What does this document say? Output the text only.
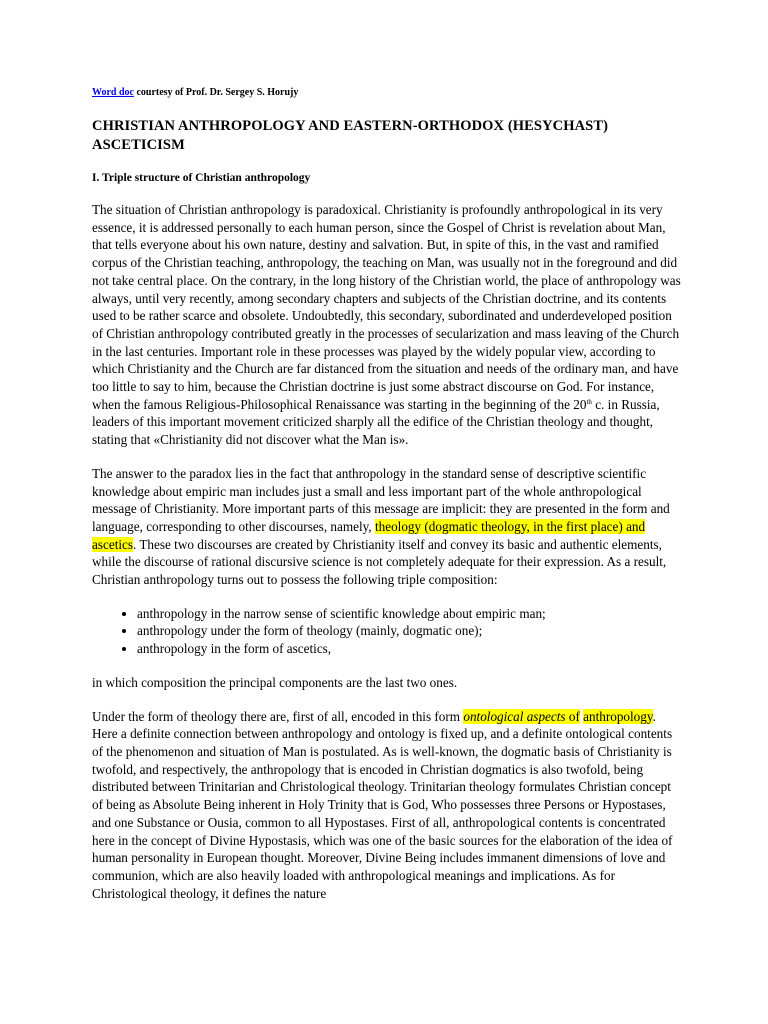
Word doc courtesy of Prof. Dr. Sergey S. Horujy

CHRISTIAN ANTHROPOLOGY AND EASTERN-ORTHODOX (HESYCHAST) ASCETICISM
I. Triple structure of Christian anthropology

The situation of Christian anthropology is paradoxical. Christianity is profoundly anthropological in its very essence, it is addressed personally to each human person, since the Gospel of Christ is revelation about Man, that tells everyone about his own nature, destiny and salvation. But, in spite of this, in the vast and ramified corpus of the Christian teaching, anthropology, the teaching on Man, was usually not in the foreground and did not take central place. On the contrary, in the long history of the Christian world, the place of anthropology was always, until very recently, among secondary chapters and subjects of the Christian doctrine, and its contents used to be rather scarce and obsolete. Undoubtedly, this secondary, subordinated and underdeveloped position of Christian anthropology contributed greatly in the processes of secularization and mass leaving of the Church in the last centuries. Important role in these processes was played by the widely popular view, according to which Christianity and the Church are far distanced from the situation and needs of the ordinary man, and have too little to say to him, because the Christian doctrine is just some abstract discourse on God. For instance, when the famous Religious-Philosophical Renaissance was starting in the beginning of the 20th c. in Russia, leaders of this important movement criticized sharply all the edifice of the Christian theology and thought, stating that «Christianity did not discover what the Man is».

The answer to the paradox lies in the fact that anthropology in the standard sense of descriptive scientific knowledge about empiric man includes just a small and less important part of the whole anthropological message of Christianity. More important parts of this message are implicit: they are presented in the form and language, corresponding to other discourses, namely, theology (dogmatic theology, in the first place) and ascetics. These two discourses are created by Christianity itself and convey its basic and authentic elements, while the discourse of rational discursive science is not completely adequate for their expression. As a result, Christian anthropology turns out to possess the following triple composition:

• anthropology in the narrow sense of scientific knowledge about empiric man;
• anthropology under the form of theology (mainly, dogmatic one);
• anthropology in the form of ascetics,

in which composition the principal components are the last two ones.

Under the form of theology there are, first of all, encoded in this form ontological aspects of anthropology. Here a definite connection between anthropology and ontology is fixed up, and a definite ontological contents of the phenomenon and situation of Man is postulated. As is well-known, the dogmatic basis of Christianity is twofold, and respectively, the anthropology that is encoded in Christian dogmatics is also twofold, being distributed between Trinitarian and Christological theology. Trinitarian theology formulates Christian concept of being as Absolute Being inherent in Holy Trinity that is God, Who possesses three Persons or Hypostases, and one Substance or Ousia, common to all Hypostases. First of all, anthropological contents is concentrated here in the concept of Divine Hypostasis, which was one of the basic sources for the elaboration of the idea of human personality in European thought. Moreover, Divine Being includes immanent dimensions of love and communion, which are also heavily loaded with anthropological meanings and implications. As for Christological theology, it defines the nature
